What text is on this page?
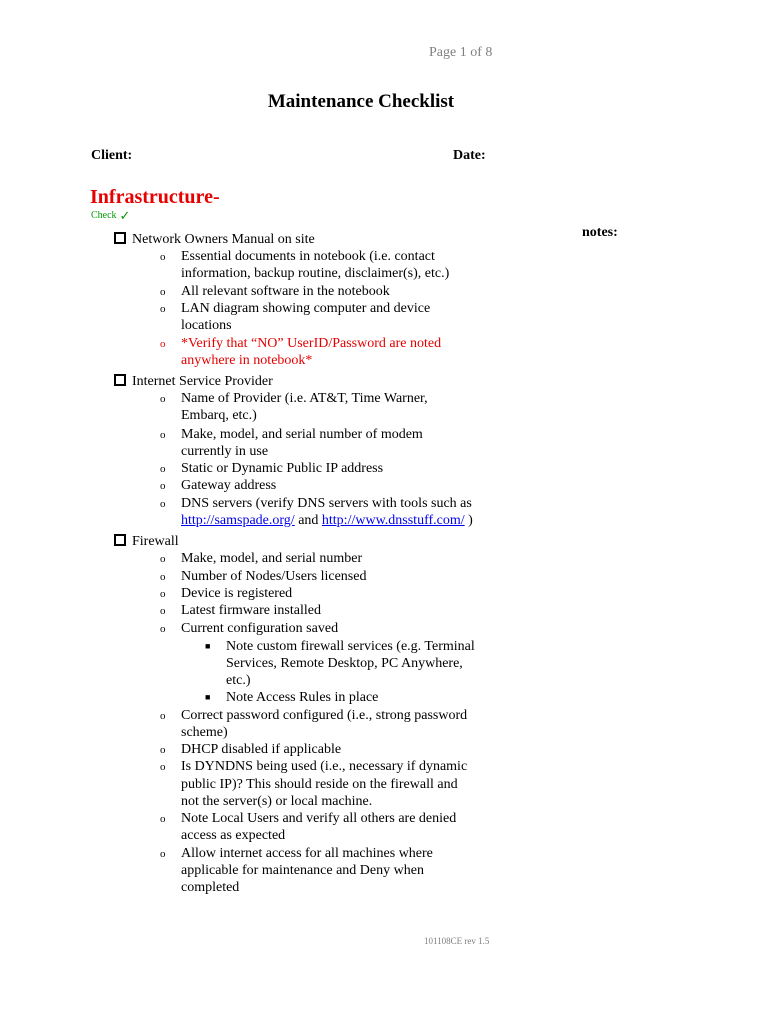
Page 1 of 8
Maintenance Checklist
Client:	Date:
Infrastructure-
Check ✓
notes:
Network Owners Manual on site
o Essential documents in notebook (i.e. contact
information, backup routine, disclaimer(s), etc.)
o All relevant software in the notebook
o LAN diagram showing computer and device
locations
o *Verify that “NO” UserID/Password are noted
anywhere in notebook*
Internet Service Provider
o Name of Provider (i.e. AT&T, Time Warner,
Embarq, etc.)
o Make, model, and serial number of modem
currently in use
o Static or Dynamic Public IP address
o Gateway address
o DNS servers (verify DNS servers with tools such as
http://samspade.org/ and http://www.dnsstuff.com/ )
Firewall
o Make, model, and serial number
o Number of Nodes/Users licensed
o Device is registered
o Latest firmware installed
o Current configuration saved
■ Note custom firewall services (e.g. Terminal
Services, Remote Desktop, PC Anywhere,
etc.)
■ Note Access Rules in place
o Correct password configured (i.e., strong password
scheme)
o DHCP disabled if applicable
o Is DYNDNS being used (i.e., necessary if dynamic
public IP)? This should reside on the firewall and
not the server(s) or local machine.
o Note Local Users and verify all others are denied
access as expected
o Allow internet access for all machines where
applicable for maintenance and Deny when
completed
101108CE rev 1.5
